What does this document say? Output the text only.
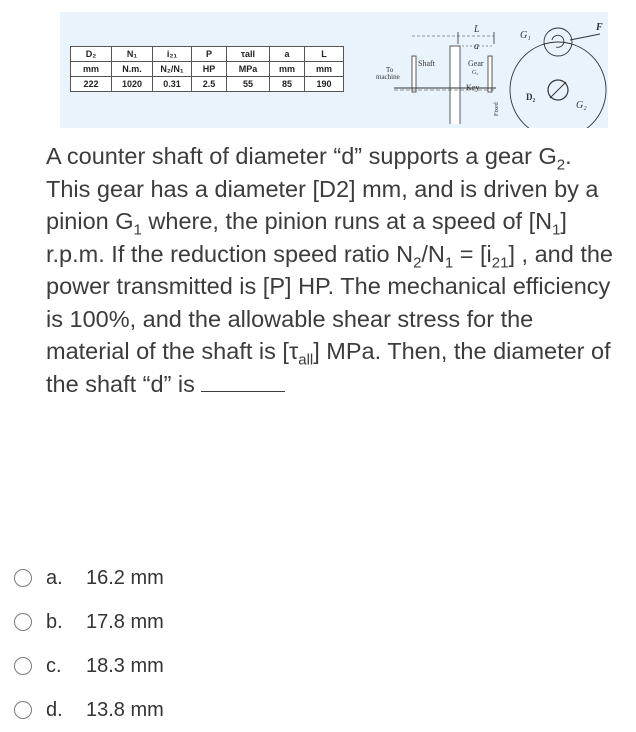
D₂	N₁	i₂₁	P	τall	a	L
mm	N.m.	N₂/N₁	HP	MPa	mm	mm
222	1020	0.31	2.5	55	85	190
L
a
To
machine
Shaft	Gear
G₂
Key
Fixed
G₁
F
D₂
G₂
A counter shaft of diameter “d” supports a gear $G_2$. This gear has a diameter [D2] mm, and is driven by a pinion $G_1$ where, the pinion runs at a speed of $[N_1]$ r.p.m. If the reduction speed ratio $N_2/N_1 = [i_{21}]$ , and the power transmitted is [P] HP. The mechanical efficiency is 100%, and the allowable shear stress for the material of the shaft is $[\tau_{all}]$ MPa. Then, the diameter of the shaft “d” is
a.	16.2 mm
b.	17.8 mm
c.	18.3 mm
d.	13.8 mm
